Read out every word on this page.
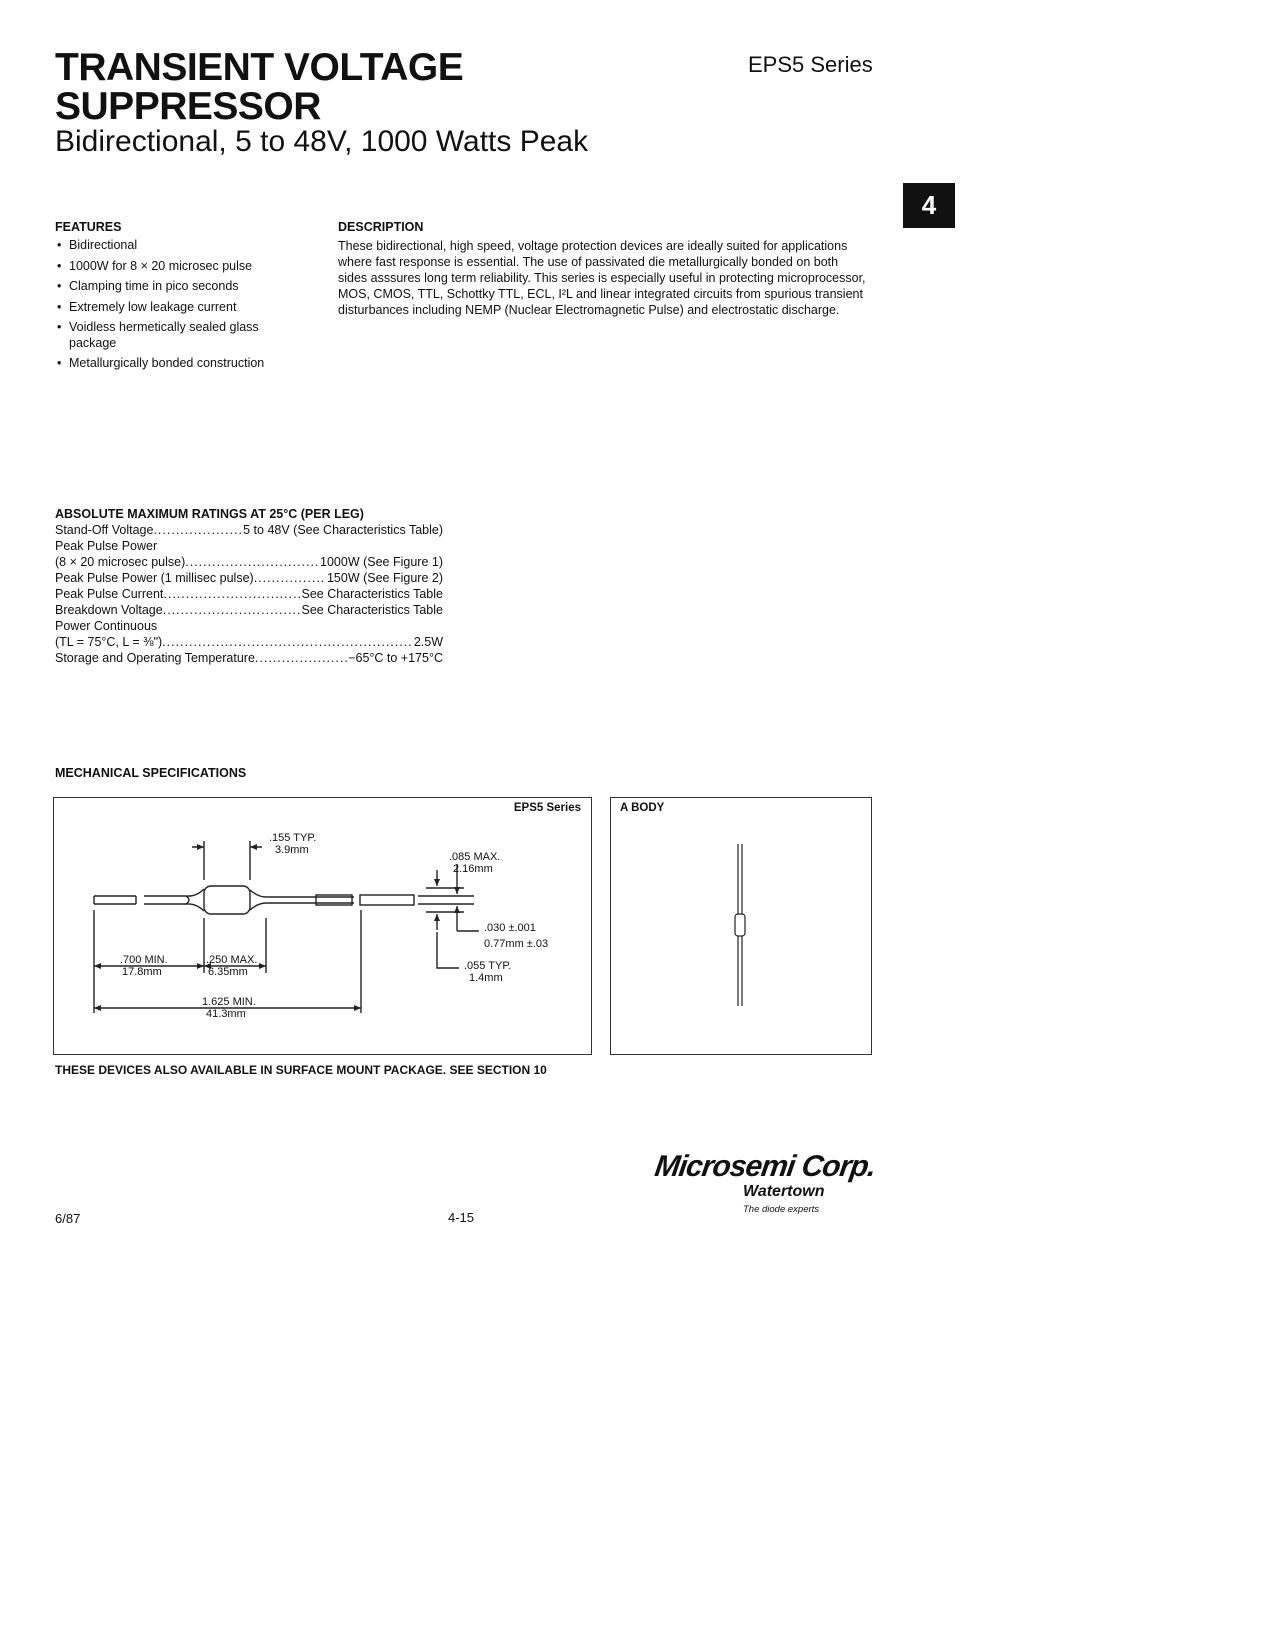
TRANSIENT VOLTAGE
SUPPRESSOR
Bidirectional, 5 to 48V, 1000 Watts Peak
EPS5 Series
4
FEATURES
• Bidirectional
• 1000W for 8 × 20 microsec pulse
• Clamping time in pico seconds
• Extremely low leakage current
• Voidless hermetically sealed glass package
• Metallurgically bonded construction
DESCRIPTION

These bidirectional, high speed, voltage protection devices are ideally suited for applications where fast response is essential. The use of passivated die metallurgically bonded on both sides asssures long term reliability. This series is especially useful in protecting microprocessor, MOS, CMOS, TTL, Schottky TTL, ECL, I²L and linear integrated circuits from spurious transient disturbances including NEMP (Nuclear Electromagnetic Pulse) and electrostatic discharge.

ABSOLUTE MAXIMUM RATINGS AT 25°C (PER LEG)
Stand-Off Voltage .....	5 to 48V (See Characteristics Table)
Peak Pulse Power
(8 × 20 microsec pulse) .....	1000W (See Figure 1)
Peak Pulse Power (1 millisec pulse) .....	150W (See Figure 2)
Peak Pulse Current .....	See Characteristics Table
Breakdown Voltage .....	See Characteristics Table
Power Continuous
(TL = 75°C, L = ⅜") .....	2.5W
Storage and Operating Temperature .....	−65°C to +175°C
MECHANICAL SPECIFICATIONS
EPS5 Series
.155 TYP.
3.9mm
.085 MAX.
2.16mm
.030 ±.001
0.77mm ±.03
.055 TYP.
1.4mm
.700 MIN.
17.8mm
.250 MAX.
6.35mm
1.625 MIN.
41.3mm
A BODY
THESE DEVICES ALSO AVAILABLE IN SURFACE MOUNT PACKAGE. SEE SECTION 10
Microsemi Corp.
Watertown
The diode experts
6/87	4-15
